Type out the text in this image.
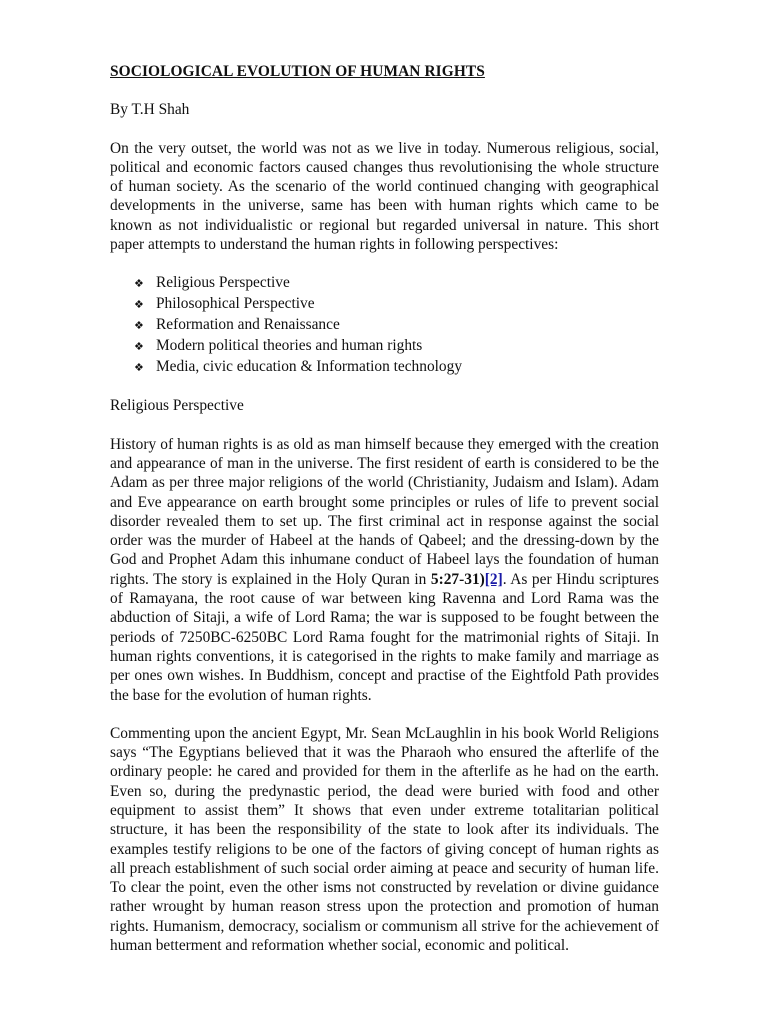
SOCIOLOGICAL EVOLUTION OF HUMAN RIGHTS

By T.H Shah

On the very outset, the world was not as we live in today. Numerous religious, social, political and economic factors caused changes thus revolutionising the whole structure of human society. As the scenario of the world continued changing with geographical developments in the universe, same has been with human rights which came to be known as not individualistic or regional but regarded universal in nature. This short paper attempts to understand the human rights in following perspectives:

❖ Religious Perspective
❖ Philosophical Perspective
❖ Reformation and Renaissance
❖ Modern political theories and human rights
❖ Media, civic education & Information technology

Religious Perspective

History of human rights is as old as man himself because they emerged with the creation and appearance of man in the universe. The first resident of earth is considered to be the Adam as per three major religions of the world (Christianity, Judaism and Islam). Adam and Eve appearance on earth brought some principles or rules of life to prevent social disorder revealed them to set up. The first criminal act in response against the social order was the murder of Habeel at the hands of Qabeel; and the dressing-down by the God and Prophet Adam this inhumane conduct of Habeel lays the foundation of human rights. The story is explained in the Holy Quran in 5:27-31)[2]. As per Hindu scriptures of Ramayana, the root cause of war between king Ravenna and Lord Rama was the abduction of Sitaji, a wife of Lord Rama; the war is supposed to be fought between the periods of 7250BC-6250BC Lord Rama fought for the matrimonial rights of Sitaji. In human rights conventions, it is categorised in the rights to make family and marriage as per ones own wishes. In Buddhism, concept and practise of the Eightfold Path provides the base for the evolution of human rights.

Commenting upon the ancient Egypt, Mr. Sean McLaughlin in his book World Religions says “The Egyptians believed that it was the Pharaoh who ensured the afterlife of the ordinary people: he cared and provided for them in the afterlife as he had on the earth. Even so, during the predynastic period, the dead were buried with food and other equipment to assist them” It shows that even under extreme totalitarian political structure, it has been the responsibility of the state to look after its individuals. The examples testify religions to be one of the factors of giving concept of human rights as all preach establishment of such social order aiming at peace and security of human life. To clear the point, even the other isms not constructed by revelation or divine guidance rather wrought by human reason stress upon the protection and promotion of human rights. Humanism, democracy, socialism or communism all strive for the achievement of human betterment and reformation whether social, economic and political.
